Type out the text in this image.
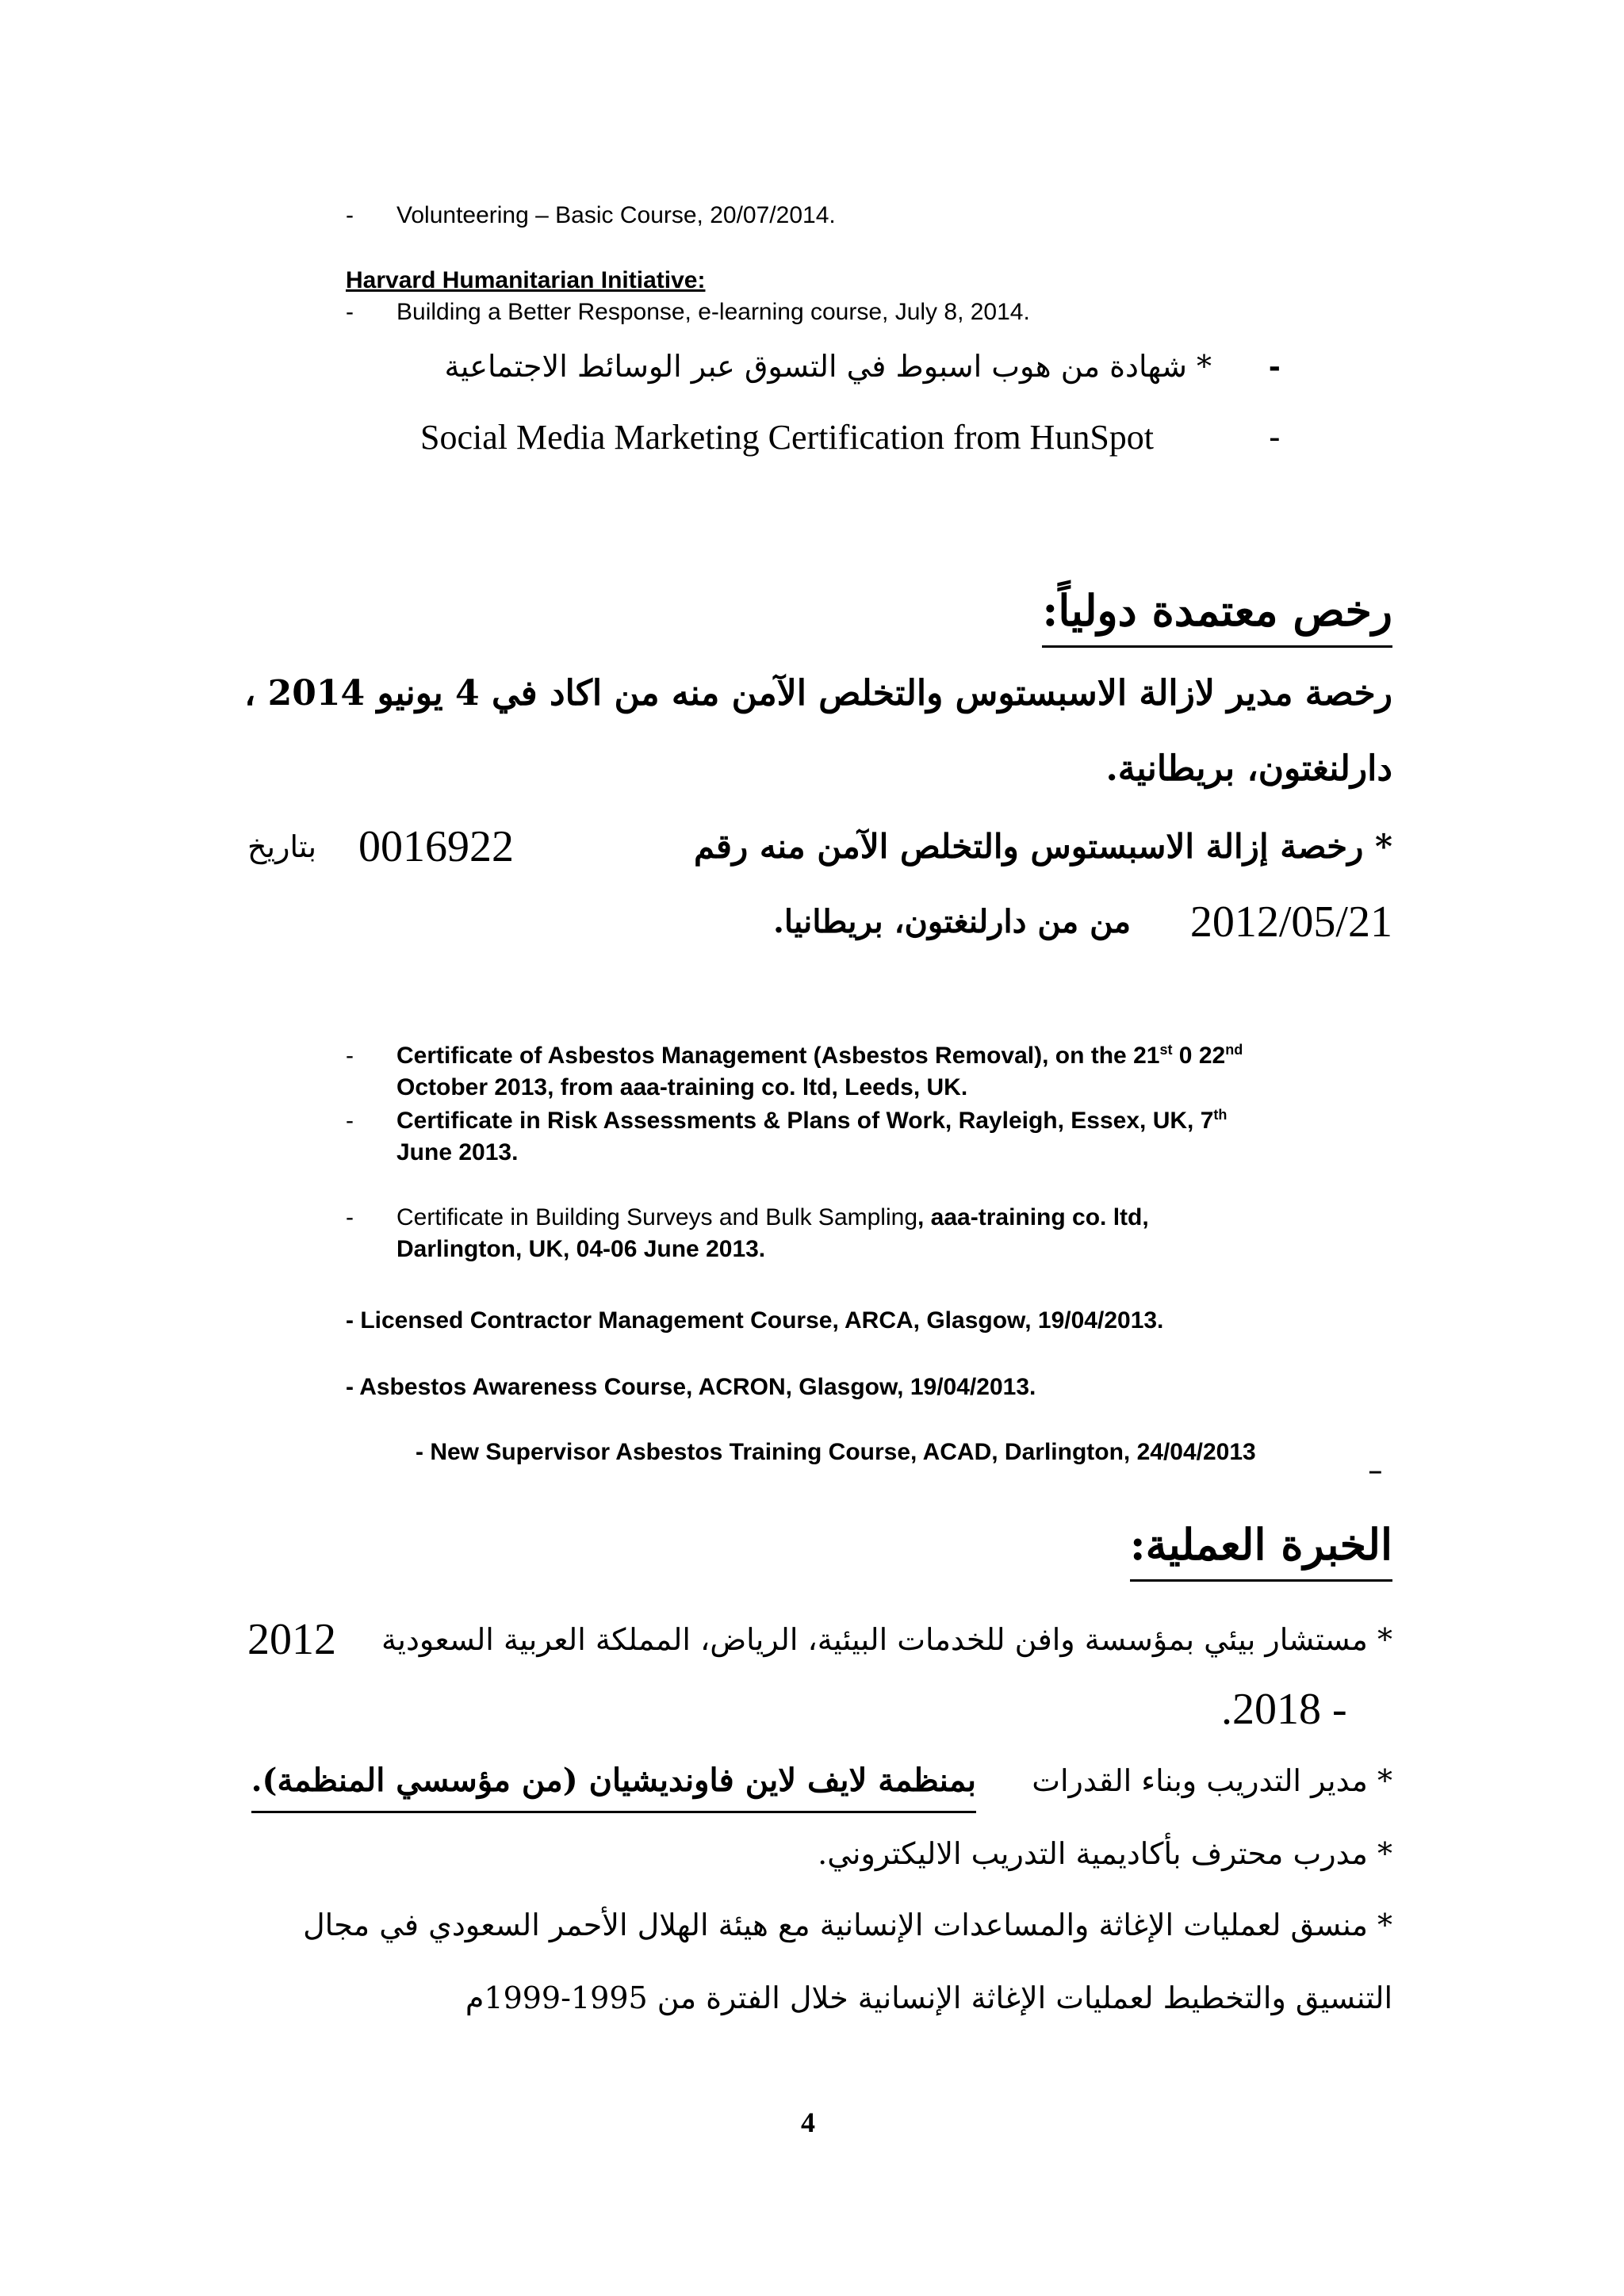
- Volunteering – Basic Course, 20/07/2014.
Harvard Humanitarian Initiative:
- Building a Better Response, e-learning course, July 8, 2014.
-
* شهادة من هوب اسبوط في التسوق عبر الوسائط الاجتماعية
-
Social Media Marketing Certification from HunSpot
رخص معتمدة دولياً:
رخصة مدير لازالة الاسبستوس والتخلص الآمن منه من اكاد في 4 يونيو 2014 ،
دارلنغتون، بريطانية.
* رخصة إزالة الاسبستوس والتخلص الآمن منه رقم
0016922
بتاريخ
2012/05/21
من من دارلنغتون، بريطانيا.
- Certificate of Asbestos Management (Asbestos Removal), on the 21st 0 22nd
October 2013, from aaa-training co. ltd, Leeds, UK.
- Certificate in Risk Assessments & Plans of Work, Rayleigh, Essex, UK, 7th
June 2013.
- Certificate in Building Surveys and Bulk Sampling, aaa-training co. ltd,
Darlington, UK, 04-06 June 2013.
- Licensed Contractor Management Course, ARCA, Glasgow, 19/04/2013.
- Asbestos Awareness Course, ACRON, Glasgow, 19/04/2013.
- New Supervisor Asbestos Training Course, ACAD, Darlington, 24/04/2013
–
الخبرة العملية:
* مستشار بيئي بمؤسسة وافن للخدمات البيئية، الرياض، المملكة العربية السعودية
2012
.2018 -
* مدير التدريب وبناء القدرات
بمنظمة لايف لاين فاونديشيان (من مؤسسي المنظمة).
* مدرب محترف بأكاديمية التدريب الاليكتروني.
* منسق لعمليات الإغاثة والمساعدات الإنسانية مع هيئة الهلال الأحمر السعودي في مجال
التنسيق والتخطيط لعمليات الإغاثة الإنسانية خلال الفترة من 1995-1999م
4
